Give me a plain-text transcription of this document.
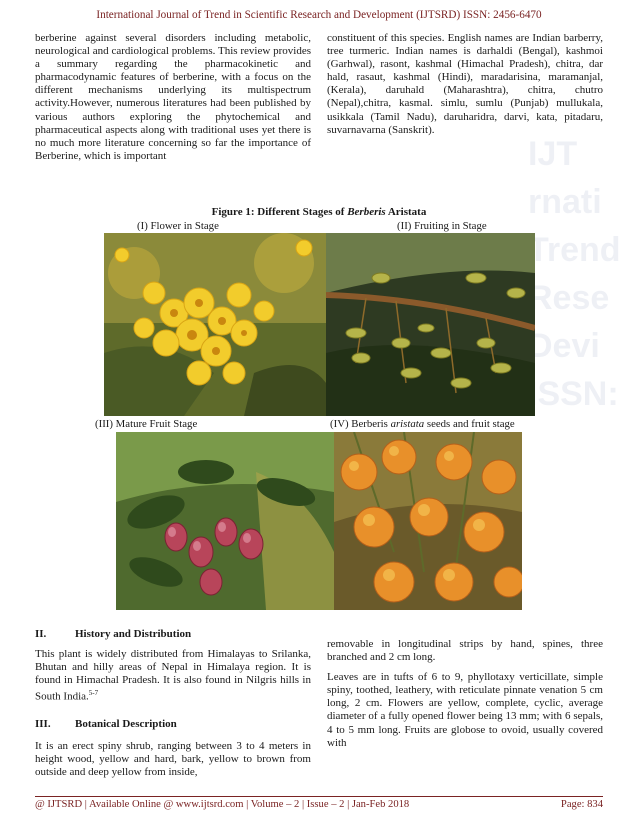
IJT
rnati
Trend
Rese
Devi
ISSN:
International Journal of Trend in Scientific Research and Development (IJTSRD) ISSN: 2456-6470

berberine against several disorders including metabolic, neurological and cardiological problems. This review provides a summary regarding the pharmacokinetic and pharmacodynamic features of berberine, with a focus on the different mechanisms underlying its multispectrum activity.However, numerous literatures had been published by various authors exploring the phytochemical and pharmaceutical aspects along with traditional uses yet there is no much more literature concerning so far the importance of Berberine, which is important

constituent of this species. English names are Indian barberry, tree turmeric. Indian names is darhaldi (Bengal), kashmoi (Garhwal), rasont, kashmal (Himachal Pradesh), chitra, dar hald, rasaut, kashmal (Hindi), maradarisina, maramanjal, (Kerala), daruhald (Maharashtra), chitra, chutro (Nepal),chitra, kasmal. simlu, sumlu (Punjab) mullukala, usikkala (Tamil Nadu), daruharidra, darvi, kata, pitadaru, suvarnavarna (Sanskrit).

Figure 1: Different Stages of Berberis Aristata
(I) Flower in Stage	(II) Fruiting in Stage
(III) Mature Fruit Stage	(IV) Berberis aristata seeds and fruit stage
II.	History and Distribution

This plant is widely distributed from Himalayas to Srilanka, Bhutan and hilly areas of Nepal in Himalaya region. It is found in Himachal Pradesh. It is also found in Nilgris hills in South India.$^{5-7}$

III. Botanical Description

It is an erect spiny shrub, ranging between 3 to 4 meters in height wood, yellow and hard, bark, yellow to brown from outside and deep yellow from inside,

removable in longitudinal strips by hand, spines, three branched and 2 cm long.

Leaves are in tufts of 6 to 9, phyllotaxy verticillate, simple spiny, toothed, leathery, with reticulate pinnate venation 5 cm long, 2 cm. Flowers are yellow, complete, cyclic, average diameter of a fully opened flower being 13 mm; with 6 sepals, 4 to 5 mm long. Fruits are globose to ovoid, usually covered with

@ IJTSRD | Available Online @ www.ijtsrd.com | Volume – 2 | Issue – 2 | Jan-Feb 2018	Page: 834
